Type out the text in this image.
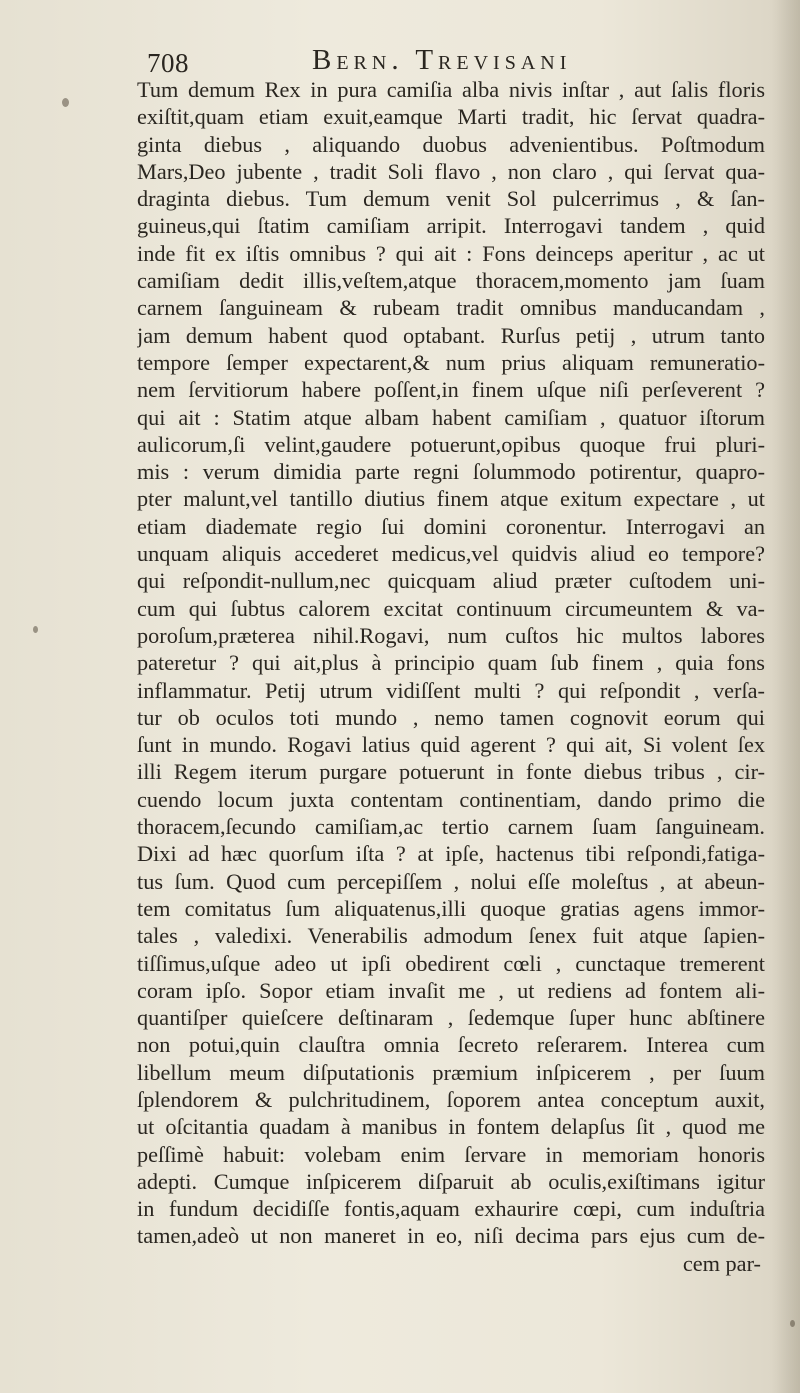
708	Bern. Trevisani
Tum demum Rex in pura camiſia alba nivis inſtar , aut ſalis floris
exiſtit,quam etiam exuit,eamque Marti tradit, hic ſervat quadra-
ginta diebus , aliquando duobus advenientibus. Poſtmodum
Mars,Deo jubente , tradit Soli flavo , non claro , qui ſervat qua-
draginta diebus. Tum demum venit Sol pulcerrimus , & ſan-
guineus,qui ſtatim camiſiam arripit. Interrogavi tandem , quid
inde fit ex iſtis omnibus ? qui ait : Fons deinceps aperitur , ac ut
camiſiam dedit illis,veſtem,atque thoracem,momento jam ſuam
carnem ſanguineam & rubeam tradit omnibus manducandam ,
jam demum habent quod optabant. Rurſus petij , utrum tanto
tempore ſemper expectarent,& num prius aliquam remuneratio-
nem ſervitiorum habere poſſent,in finem uſque niſi perſeverent ?
qui ait : Statim atque albam habent camiſiam , quatuor iſtorum
aulicorum,ſi velint,gaudere potuerunt,opibus quoque frui pluri-
mis : verum dimidia parte regni ſolummodo potirentur, quapro-
pter malunt,vel tantillo diutius finem atque exitum expectare , ut
etiam diademate regio ſui domini coronentur. Interrogavi an
unquam aliquis accederet medicus,vel quidvis aliud eo tempore?
qui reſpondit-nullum,nec quicquam aliud præter cuſtodem uni-
cum qui ſubtus calorem excitat continuum circumeuntem & va-
poroſum,præterea nihil.Rogavi, num cuſtos hic multos labores
pateretur ? qui ait,plus à principio quam ſub finem , quia fons
inflammatur. Petij utrum vidiſſent multi ? qui reſpondit , verſa-
tur ob oculos toti mundo , nemo tamen cognovit eorum qui
ſunt in mundo. Rogavi latius quid agerent ? qui ait, Si volent ſex
illi Regem iterum purgare potuerunt in fonte diebus tribus , cir-
cuendo locum juxta contentam continentiam, dando primo die
thoracem,ſecundo camiſiam,ac tertio carnem ſuam ſanguineam.
Dixi ad hæc quorſum iſta ? at ipſe, hactenus tibi reſpondi,fatiga-
tus ſum. Quod cum percepiſſem , nolui eſſe moleſtus , at abeun-
tem comitatus ſum aliquatenus,illi quoque gratias agens immor-
tales , valedixi. Venerabilis admodum ſenex fuit atque ſapien-
tiſſimus,uſque adeo ut ipſi obedirent cœli , cunctaque tremerent
coram ipſo. Sopor etiam invaſit me , ut rediens ad fontem ali-
quantiſper quieſcere deſtinaram , ſedemque ſuper hunc abſtinere
non potui,quin clauſtra omnia ſecreto reſerarem. Interea cum
libellum meum diſputationis præmium inſpicerem , per ſuum
ſplendorem & pulchritudinem, ſoporem antea conceptum auxit,
ut oſcitantia quadam à manibus in fontem delapſus ſit , quod me
peſſimè habuit: volebam enim ſervare in memoriam honoris
adepti. Cumque inſpicerem diſparuit ab oculis,exiſtimans igitur
in fundum decidiſſe fontis,aquam exhaurire cœpi, cum induſtria
tamen,adeò ut non maneret in eo, niſi decima pars ejus cum de-
cem par-
